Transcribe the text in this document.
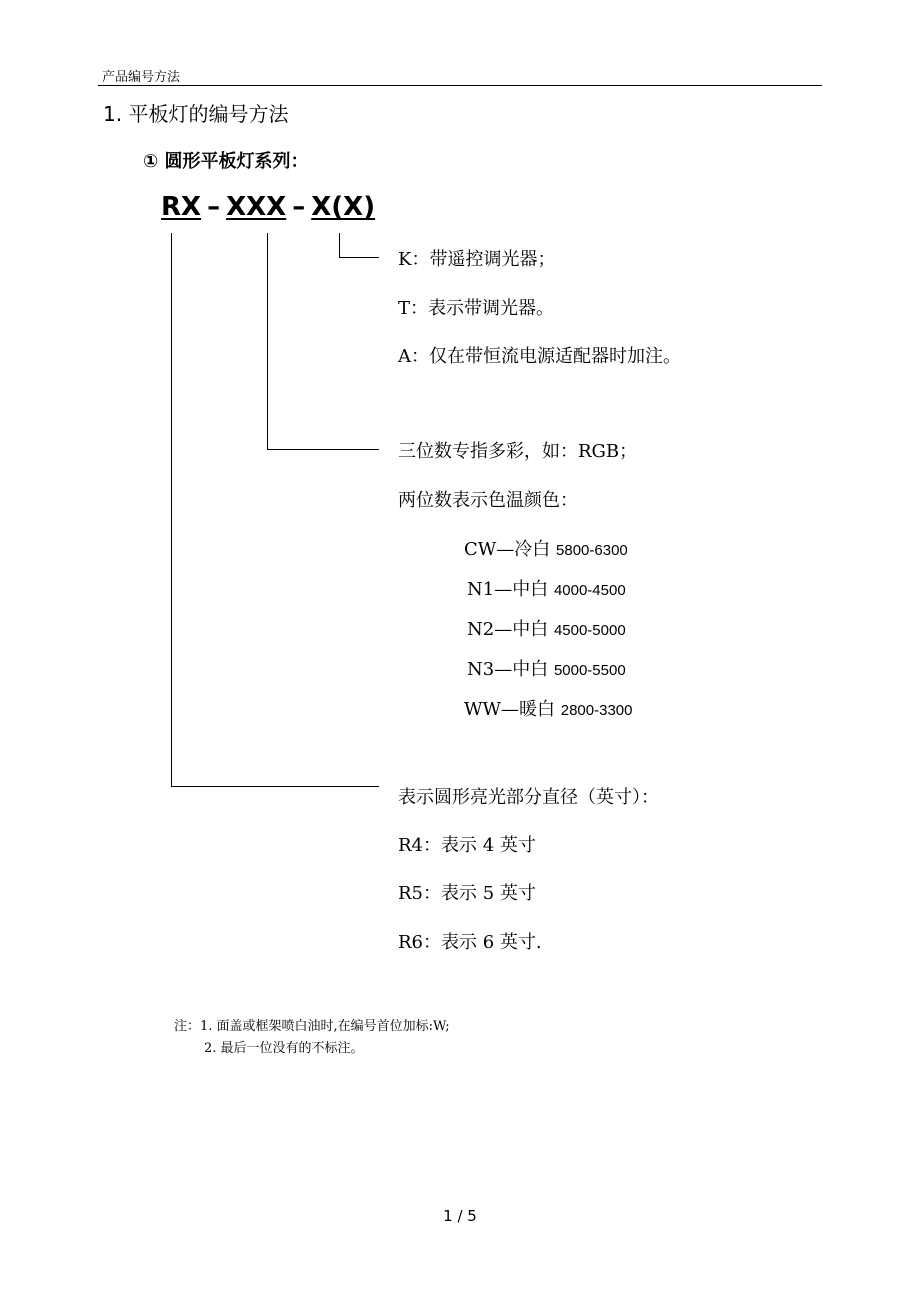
产品编号方法
1. 平板灯的编号方法
① 圆形平板灯系列：
RX – XXX – X(X)
K：带遥控调光器；
T：表示带调光器。
A：仅在带恒流电源适配器时加注。
三位数专指多彩，如：RGB；
两位数表示色温颜色：
CW—冷白 5800-6300
N1—中白 4000-4500
N2—中白 4500-5000
N3—中白 5000-5500
WW—暖白 2800-3300
表示圆形亮光部分直径（英寸）：
R4：表示 4 英寸
R5：表示 5 英寸
R6：表示 6 英寸.
注：1. 面盖或框架喷白油时,在编号首位加标:W;
2. 最后一位没有的不标注。
1 / 5
